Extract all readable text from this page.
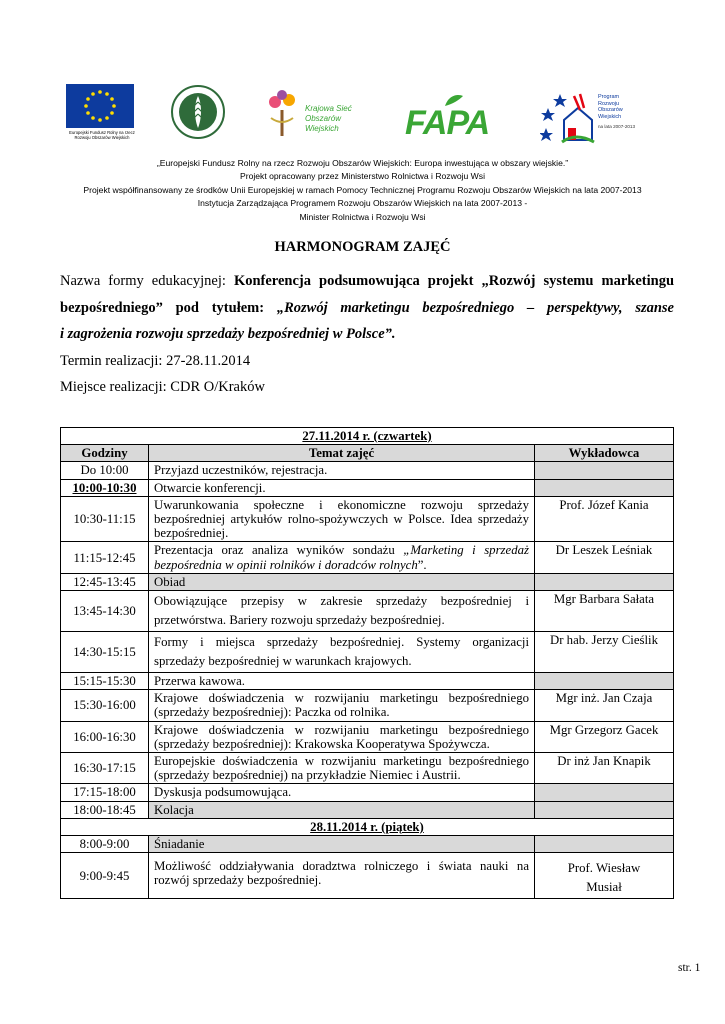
Europejski Fundusz Rolny na rzecz Rozwoju Obszarów Wiejskich
Krajowa Sieć
Obszarów Wiejskich	FAPA
Program
Rozwoju
Obszarów
Wiejskich
na lata 2007-2013
„Europejski Fundusz Rolny na rzecz Rozwoju Obszarów Wiejskich: Europa inwestująca w obszary wiejskie.”
Projekt opracowany przez Ministerstwo Rolnictwa i Rozwoju Wsi
Projekt współfinansowany ze środków Unii Europejskiej w ramach Pomocy Technicznej Programu Rozwoju Obszarów Wiejskich na lata 2007-2013
Instytucja Zarządzająca Programem Rozwoju Obszarów Wiejskich na lata 2007-2013 -
Minister Rolnictwa i Rozwoju Wsi
HARMONOGRAM ZAJĘĆ

Nazwa formy edukacyjnej: Konferencja podsumowująca projekt „Rozwój systemu marketingu

bezpośredniego” pod tytułem: „Rozwój marketingu bezpośredniego – perspektywy, szanse

i zagrożenia rozwoju sprzedaży bezpośredniej w Polsce”.

Termin realizacji: 27-28.11.2014

Miejsce realizacji: CDR O/Kraków

27.11.2014 r. (czwartek)		
Godziny	Temat zajęć	Wykładowca
Do 10:00	Przyjazd uczestników, rejestracja.	
10:00-10:30	Otwarcie konferencji.	
10:30-11:15	Uwarunkowania społeczne i ekonomiczne rozwoju sprzedaży bezpośredniej artykułów rolno-spożywczych w Polsce. Idea sprzedaży bezpośredniej.	Prof. Józef Kania
11:15-12:45	Prezentacja oraz analiza wyników sondażu „Marketing i sprzedaż bezpośrednia w opinii rolników i doradców rolnych”.	Dr Leszek Leśniak
12:45-13:45	Obiad	
13:45-14:30	Obowiązujące przepisy w zakresie sprzedaży bezpośredniej i przetwórstwa. Bariery rozwoju sprzedaży bezpośredniej.	Mgr Barbara Sałata
14:30-15:15	Formy i miejsca sprzedaży bezpośredniej. Systemy organizacji sprzedaży bezpośredniej w warunkach krajowych.	Dr hab. Jerzy Cieślik
15:15-15:30	Przerwa kawowa.	
15:30-16:00	Krajowe doświadczenia w rozwijaniu marketingu bezpośredniego (sprzedaży bezpośredniej): Paczka od rolnika.	Mgr inż. Jan Czaja
16:00-16:30	Krajowe doświadczenia w rozwijaniu marketingu bezpośredniego (sprzedaży bezpośredniej): Krakowska Kooperatywa Spożywcza.	Mgr Grzegorz Gacek
16:30-17:15	Europejskie doświadczenia w rozwijaniu marketingu bezpośredniego (sprzedaży bezpośredniej) na przykładzie Niemiec i Austrii.	Dr inż Jan Knapik
17:15-18:00	Dyskusja podsumowująca.	
18:00-18:45	Kolacja	
28.11.2014 r. (piątek)		
8:00-9:00	Śniadanie	
9:00-9:45	Możliwość oddziaływania doradztwa rolniczego i świata nauki na rozwój sprzedaży bezpośredniej.	Prof. Wiesław
Musiał
str. 1
